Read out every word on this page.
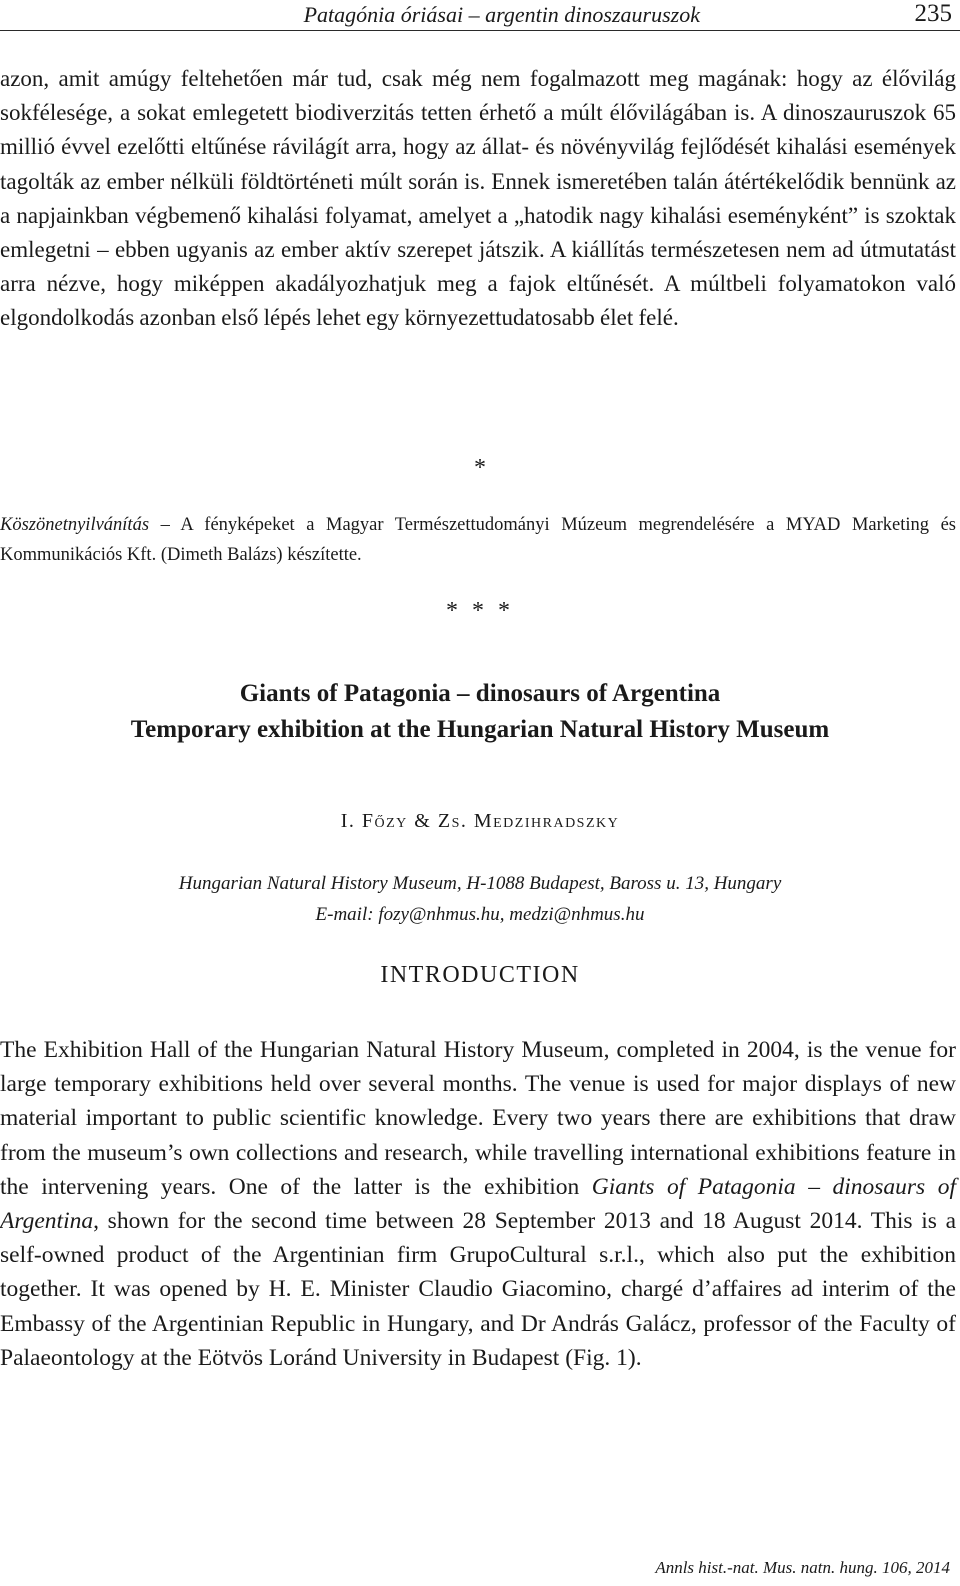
Patagónia óriásai – argentin dinoszauruszok	235

azon, amit amúgy feltehetően már tud, csak még nem fogalmazott meg magának: hogy az élővilág sokfélesége, a sokat emlegetett biodiverzitás tetten érhető a múlt élővilágában is. A dinoszauruszok 65 millió évvel ezelőtti eltűnése rávilágít arra, hogy az állat- és növényvilág fejlődését kihalási események tagolták az ember nélküli földtörténeti múlt során is. Ennek ismeretében talán átértékelődik bennünk az a napjainkban végbemenő kihalási folyamat, amelyet a „hatodik nagy kihalási eseményként” is szoktak emlegetni – ebben ugyanis az ember aktív szerepet játszik. A kiállítás természetesen nem ad útmutatást arra nézve, hogy miképpen akadályozhatjuk meg a fajok eltűnését. A múltbeli folyamatokon való elgondolkodás azonban első lépés lehet egy környezettudatosabb élet felé.

*

Köszönetnyilvánítás – A fényképeket a Magyar Természettudományi Múzeum megrendelésére a MYAD Marketing és Kommunikációs Kft. (Dimeth Balázs) készítette.

* * *
Giants of Patagonia – dinosaurs of Argentina
Temporary exhibition at the Hungarian Natural History Museum
I. Főzy & Zs. Medzihradszky
Hungarian Natural History Museum, H-1088 Budapest, Baross u. 13, Hungary
E-mail: fozy@nhmus.hu, medzi@nhmus.hu
INTRODUCTION

The Exhibition Hall of the Hungarian Natural History Museum, completed in 2004, is the venue for large temporary exhibitions held over several months. The venue is used for major displays of new material important to public scientific knowledge. Every two years there are exhibitions that draw from the museum’s own collections and research, while travelling international exhibitions feature in the intervening years. One of the latter is the exhibition Giants of Patagonia – dinosaurs of Argentina, shown for the second time between 28 September 2013 and 18 August 2014. This is a self-owned product of the Argentinian firm GrupoCultural s.r.l., which also put the exhibition together. It was opened by H. E. Minister Claudio Giacomino, chargé d’affaires ad interim of the Embassy of the Argentinian Republic in Hungary, and Dr András Galácz, professor of the Faculty of Palaeontology at the Eötvös Loránd University in Budapest (Fig. 1).

Annls hist.-nat. Mus. natn. hung. 106, 2014
